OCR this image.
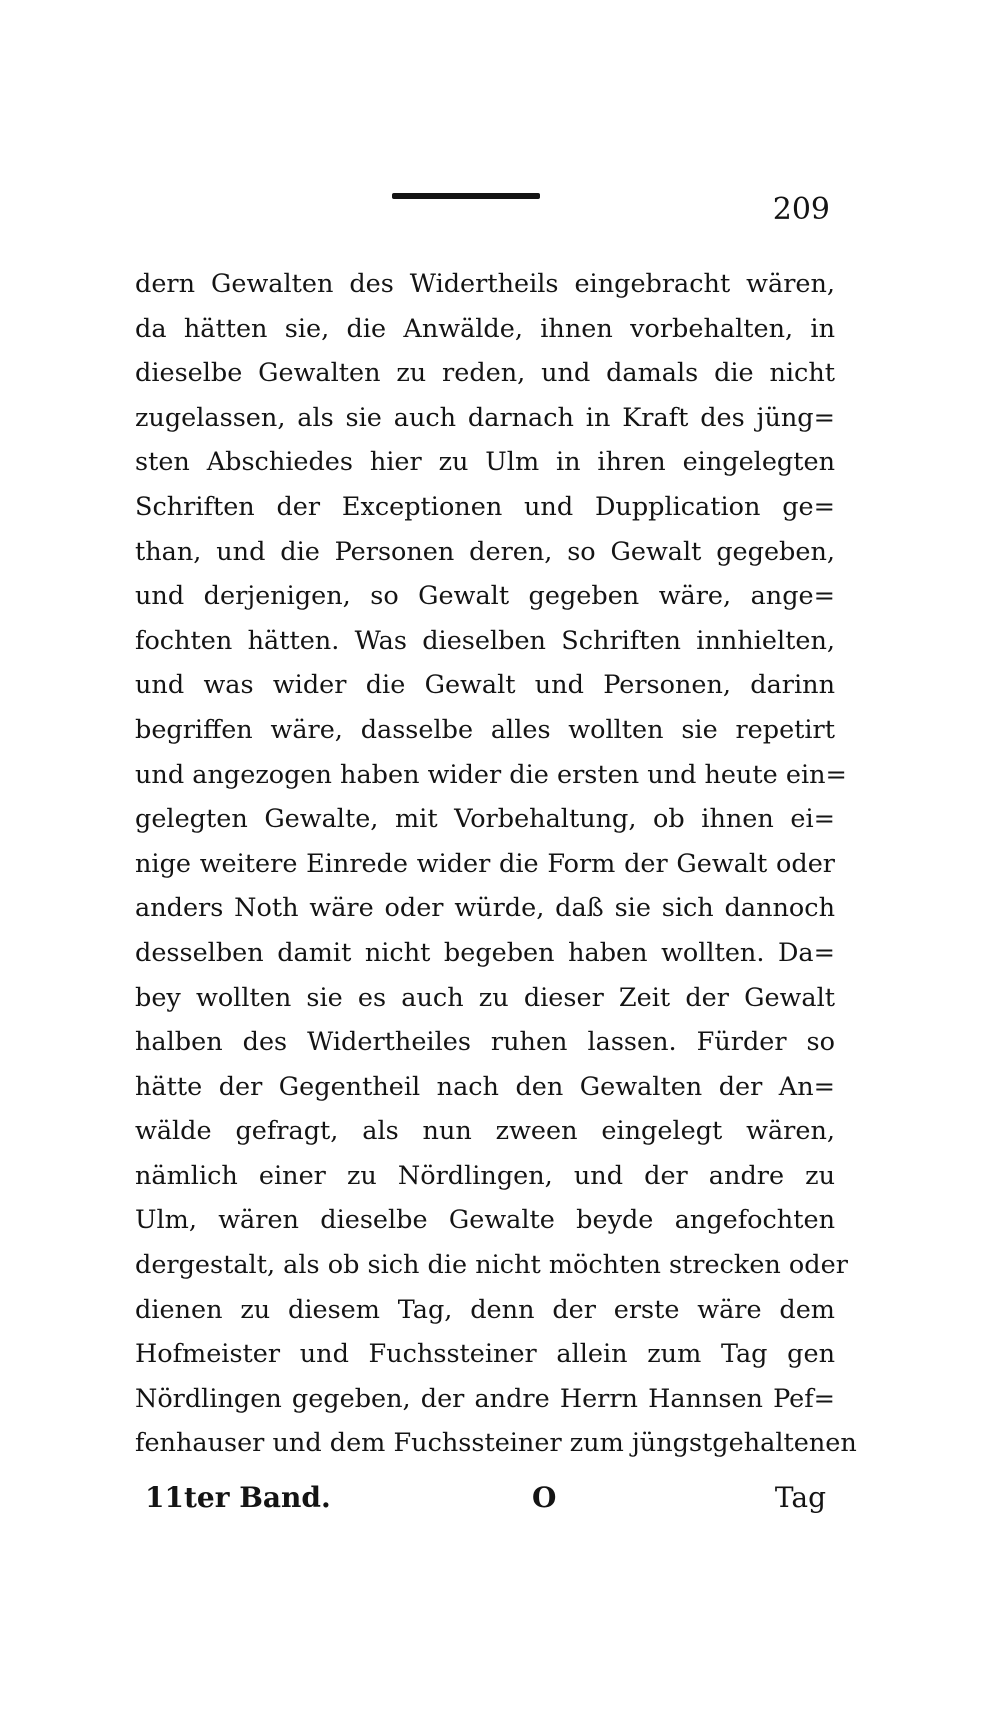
209
dern Gewalten des Widertheils eingebracht wären,
da hätten sie, die Anwälde, ihnen vorbehalten, in
dieselbe Gewalten zu reden, und damals die nicht
zugelassen, als sie auch darnach in Kraft des jüng=
sten Abschiedes hier zu Ulm in ihren eingelegten
Schriften der Exceptionen und Dupplication ge=
than, und die Personen deren, so Gewalt gegeben,
und derjenigen, so Gewalt gegeben wäre, ange=
fochten hätten. Was dieselben Schriften innhielten,
und was wider die Gewalt und Personen, darinn
begriffen wäre, dasselbe alles wollten sie repetirt
und angezogen haben wider die ersten und heute ein=
gelegten Gewalte, mit Vorbehaltung, ob ihnen ei=
nige weitere Einrede wider die Form der Gewalt oder
anders Noth wäre oder würde, daß sie sich dannoch
desselben damit nicht begeben haben wollten. Da=
bey wollten sie es auch zu dieser Zeit der Gewalt
halben des Widertheiles ruhen lassen. Fürder so
hätte der Gegentheil nach den Gewalten der An=
wälde gefragt, als nun zween eingelegt wären,
nämlich einer zu Nördlingen, und der andre zu
Ulm, wären dieselbe Gewalte beyde angefochten
dergestalt, als ob sich die nicht möchten strecken oder
dienen zu diesem Tag, denn der erste wäre dem
Hofmeister und Fuchssteiner allein zum Tag gen
Nördlingen gegeben, der andre Herrn Hannsen Pef=
fenhauser und dem Fuchssteiner zum jüngstgehaltenen
11ter Band.	O	Tag
